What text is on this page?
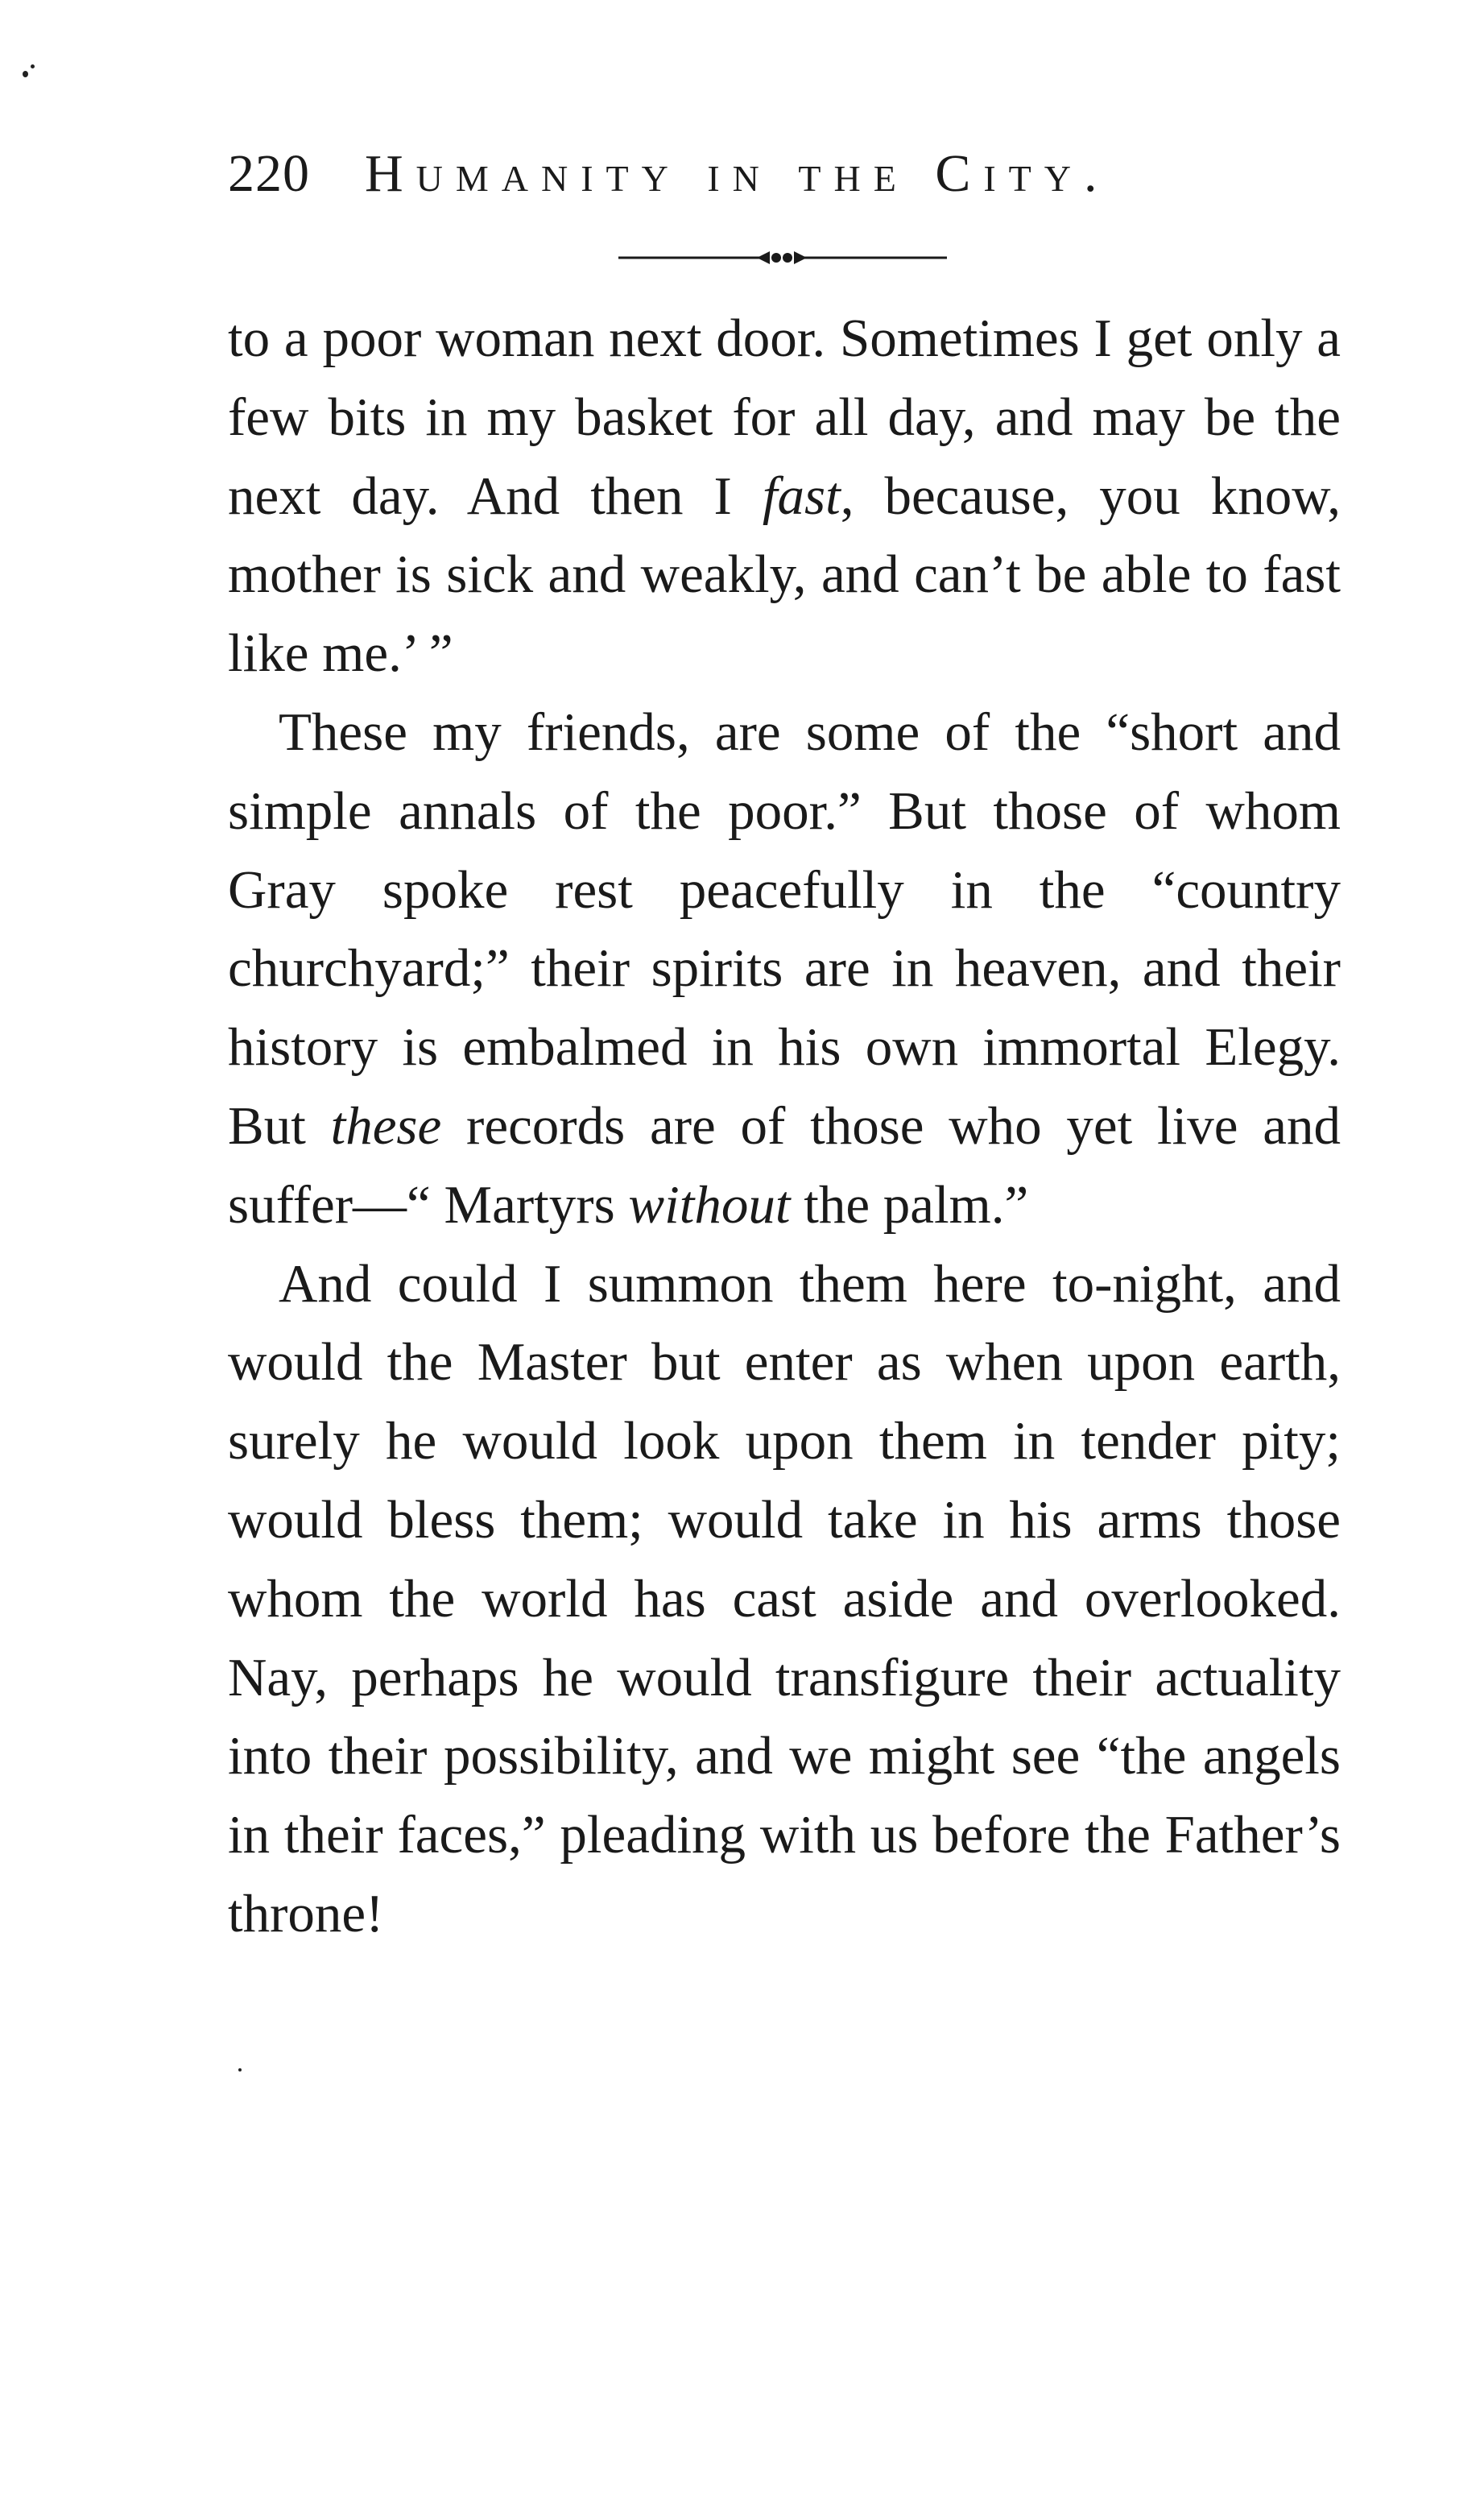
220 Humanity in the City.

to a poor woman next door. Sometimes I get only a few bits in my basket for all day, and may be the next day. And then I fast, because, you know, mother is sick and weakly, and can’t be able to fast like me.’ ”

These my friends, are some of the “short and simple annals of the poor.” But those of whom Gray spoke rest peacefully in the “country churchyard;” their spirits are in heaven, and their history is embalmed in his own immortal Elegy. But these records are of those who yet live and suffer—“ Martyrs without the palm.”

And could I summon them here to-night, and would the Master but enter as when upon earth, surely he would look upon them in tender pity; would bless them; would take in his arms those whom the world has cast aside and overlooked. Nay, perhaps he would transfigure their actuality into their possibility, and we might see “the angels in their faces,” pleading with us before the Father’s throne!
